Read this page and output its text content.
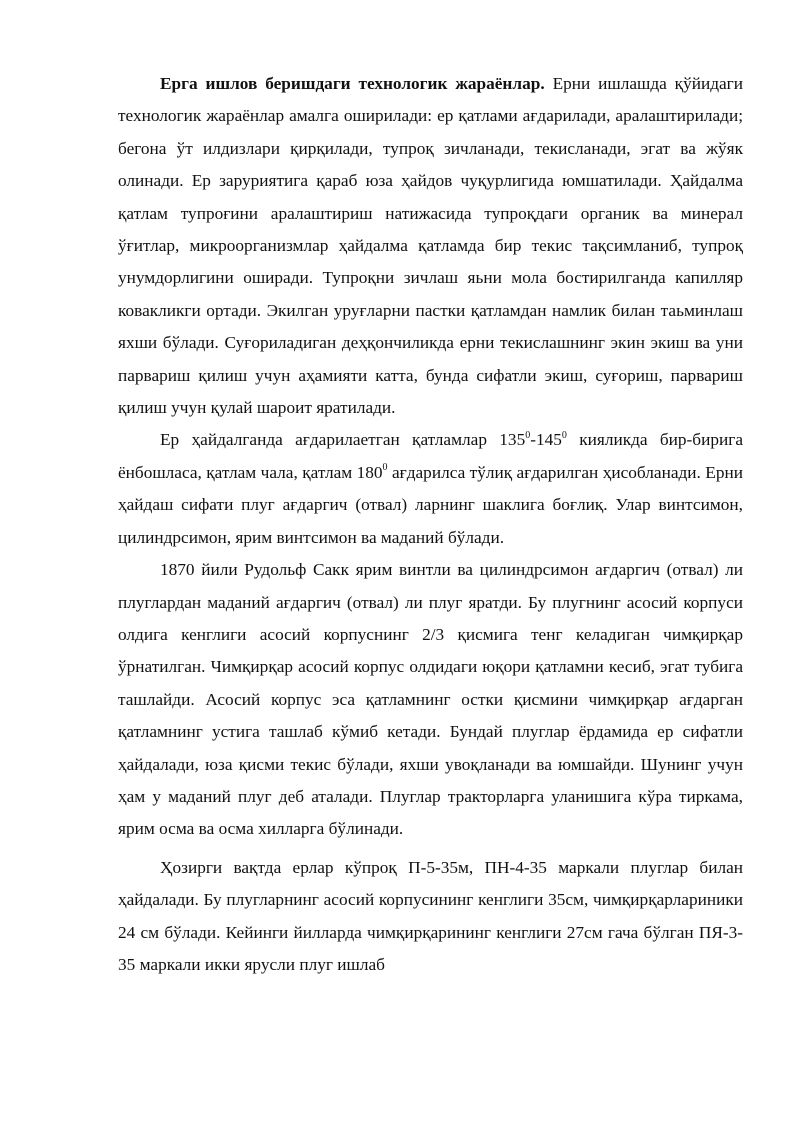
Ерга ишлов беришдаги технологик жараёнлар. Ерни ишлашда қўйидаги технологик жараёнлар амалга оширилади: ер қатлами ағдарилади, аралаштирилади; бегона ўт илдизлари қирқилади, тупроқ зичланади, текисланади, эгат ва жўяк олинади. Ер заруриятига қараб юза ҳайдов чуқурлигида юмшатилади. Ҳайдалма қатлам тупроғини аралаштириш натижасида тупроқдаги органик ва минерал ўғитлар, микроорганизмлар ҳайдалма қатламда бир текис тақсимланиб, тупроқ унумдорлигини оширади. Тупроқни зичлаш яьни мола бостирилганда капилляр ковакликги ортади. Экилган уруғларни пастки қатламдан намлик билан таьминлаш яхши бўлади. Суғориладиган деҳқончиликда ерни текислашнинг экин экиш ва уни парвариш қилиш учун аҳамияти катта, бунда сифатли экиш, суғориш, парвариш қилиш учун қулай шароит яратилади.

Ер ҳайдалганда ағдарилаетган қатламлар $135^0-145^0$ кияликда бир-бирига ёнбошласа, қатлам чала, қатлам $180^0$ ағдарилса тўлиқ ағдарилган ҳисобланади. Ерни ҳайдаш сифати плуг ағдаргич (отвал) ларнинг шаклига боғлиқ. Улар винтсимон, цилиндрсимон, ярим винтсимон ва маданий бўлади.

1870 йили Рудольф Сакк ярим винтли ва цилиндрсимон ағдаргич (отвал) ли плуглардан маданий ағдаргич (отвал) ли плуг яратди. Бу плугнинг асосий корпуси олдига кенглиги асосий корпуснинг 2/3 қисмига тенг келадиган чимқирқар ўрнатилган. Чимқирқар асосий корпус олдидаги юқори қатламни кесиб, эгат тубига ташлайди. Асосий корпус эса қатламнинг остки қисмини чимқирқар ағдарган қатламнинг устига ташлаб кўмиб кетади. Бундай плуглар ёрдамида ер сифатли ҳайдалади, юза қисми текис бўлади, яхши увоқланади ва юмшайди. Шунинг учун ҳам у маданий плуг деб аталади. Плуглар тракторларга уланишига кўра тиркама, ярим осма ва осма хилларга бўлинади.

Ҳозирги вақтда ерлар кўпроқ П-5-35м, ПН-4-35 маркали плуглар билан ҳайдалади. Бу плугларнинг асосий корпусининг кенглиги 35см, чимқирқарлариники 24 см бўлади. Кейинги йилларда чимқирқарининг кенглиги 27см гача бўлган ПЯ-3-35 маркали икки ярусли плуг ишлаб
